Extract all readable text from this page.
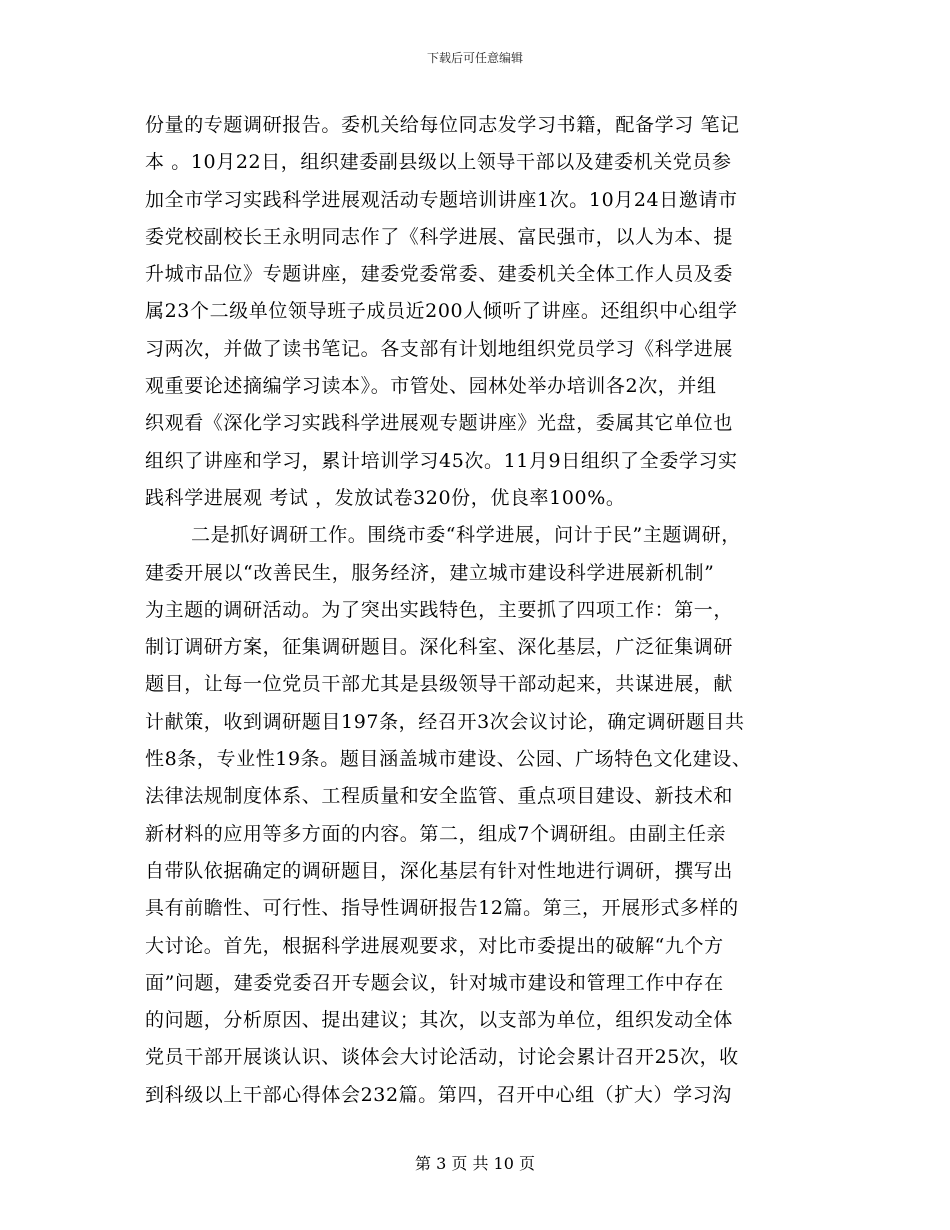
下载后可任意编辑
份量的专题调研报告。委机关给每位同志发学习书籍，配备学习 笔记
本 。10月22日，组织建委副县级以上领导干部以及建委机关党员参
加全市学习实践科学进展观活动专题培训讲座1次。10月24日邀请市
委党校副校长王永明同志作了《科学进展、富民强市，以人为本、提
升城市品位》专题讲座，建委党委常委、建委机关全体工作人员及委
属23个二级单位领导班子成员近200人倾听了讲座。还组织中心组学
习两次，并做了读书笔记。各支部有计划地组织党员学习《科学进展
观重要论述摘编学习读本》。市管处、园林处举办培训各2次，并组
织观看《深化学习实践科学进展观专题讲座》光盘，委属其它单位也
组织了讲座和学习，累计培训学习45次。11月9日组织了全委学习实
践科学进展观 考试 ，发放试卷320份，优良率100%。
二是抓好调研工作。围绕市委“科学进展，问计于民”主题调研，
建委开展以“改善民生，服务经济，建立城市建设科学进展新机制”
为主题的调研活动。为了突出实践特色，主要抓了四项工作：第一，
制订调研方案，征集调研题目。深化科室、深化基层，广泛征集调研
题目，让每一位党员干部尤其是县级领导干部动起来，共谋进展，献
计献策，收到调研题目197条，经召开3次会议讨论，确定调研题目共
性8条，专业性19条。题目涵盖城市建设、公园、广场特色文化建设、
法律法规制度体系、工程质量和安全监管、重点项目建设、新技术和
新材料的应用等多方面的内容。第二，组成7个调研组。由副主任亲
自带队依据确定的调研题目，深化基层有针对性地进行调研，撰写出
具有前瞻性、可行性、指导性调研报告12篇。第三，开展形式多样的
大讨论。首先，根据科学进展观要求，对比市委提出的破解“九个方
面”问题，建委党委召开专题会议，针对城市建设和管理工作中存在
的问题，分析原因、提出建议；其次，以支部为单位，组织发动全体
党员干部开展谈认识、谈体会大讨论活动，讨论会累计召开25次，收
到科级以上干部心得体会232篇。第四，召开中心组（扩大）学习沟
第 3 页 共 10 页
